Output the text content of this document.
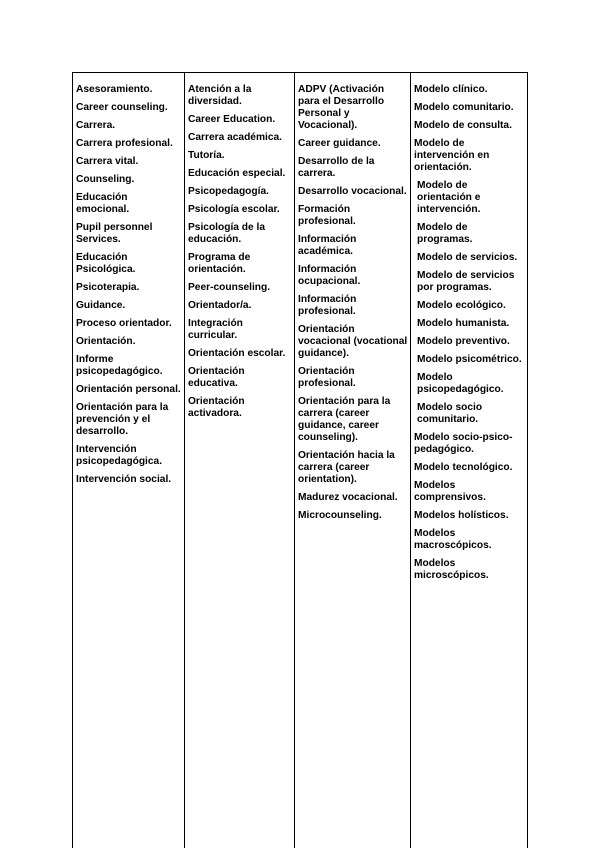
Asesoramiento.
Career counseling.
Carrera.
Carrera profesional.
Carrera vital.
Counseling.
Educación emocional.
Pupil personnel Services.
Educación Psicológica.
Psicoterapia.
Guidance.
Proceso orientador.
Orientación.
Informe psicopedagógico.
Orientación personal.
Orientación para la prevención y el desarrollo.
Intervención psicopedagógica.
Intervención social.
Atención a la diversidad.
Career Education.
Carrera académica.
Tutoría.
Educación especial.
Psicopedagogía.
Psicología escolar.
Psicología de la educación.
Programa de orientación.
Peer-counseling.
Orientador/a.
Integración curricular.
Orientación escolar.
Orientación educativa.
Orientación activadora.
ADPV (Activación para el Desarrollo Personal y Vocacional).
Career guidance.
Desarrollo de la carrera.
Desarrollo vocacional.
Formación profesional.
Información académica.
Información ocupacional.
Información profesional.
Orientación vocacional (vocational guidance).
Orientación profesional.
Orientación para la carrera (career guidance, career counseling).
Orientación hacia la carrera (career orientation).
Madurez vocacional.
Microcounseling.
Modelo clínico.
Modelo comunitario.
Modelo de consulta.
Modelo de intervención en orientación.
Modelo de orientación e intervención.
Modelo de programas.
Modelo de servicios.
Modelo de servicios por programas.
Modelo ecológico.
Modelo humanista.
Modelo preventivo.
Modelo psicométrico.
Modelo psicopedagógico.
Modelo socio comunitario.
Modelo socio-psico-pedagógico.
Modelo tecnológico.
Modelos comprensivos.
Modelos holísticos.
Modelos macroscópicos.
Modelos microscópicos.
